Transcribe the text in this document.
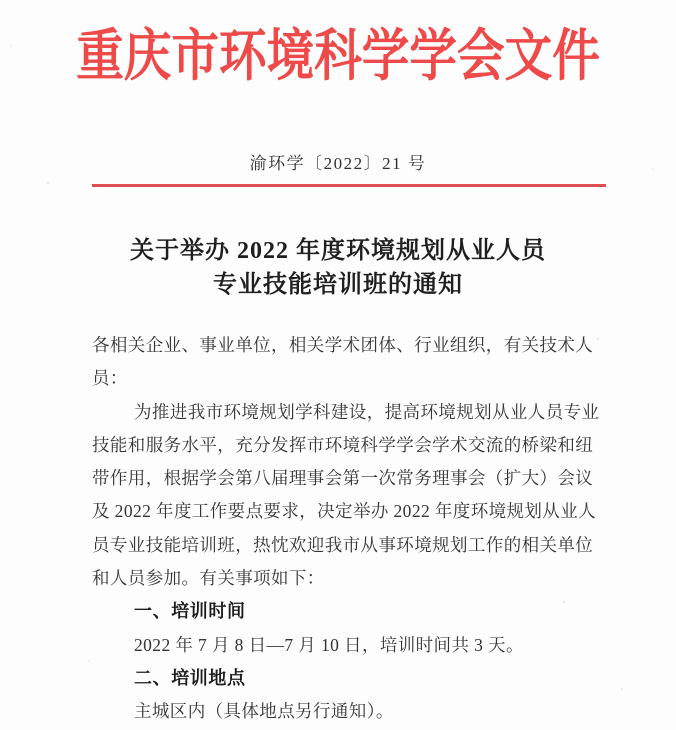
重庆市环境科学学会文件
渝环学〔2022〕21 号
关于举办 2022 年度环境规划从业人员
专业技能培训班的通知
各相关企业、事业单位，相关学术团体、行业组织，有关技术人
员：
为推进我市环境规划学科建设，提高环境规划从业人员专业
技能和服务水平，充分发挥市环境科学学会学术交流的桥梁和纽
带作用，根据学会第八届理事会第一次常务理事会（扩大）会议
及 2022 年度工作要点要求，决定举办 2022 年度环境规划从业人
员专业技能培训班，热忱欢迎我市从事环境规划工作的相关单位
和人员参加。有关事项如下：
一、培训时间
2022 年 7 月 8 日—7 月 10 日，培训时间共 3 天。
二、培训地点
主城区内（具体地点另行通知）。
